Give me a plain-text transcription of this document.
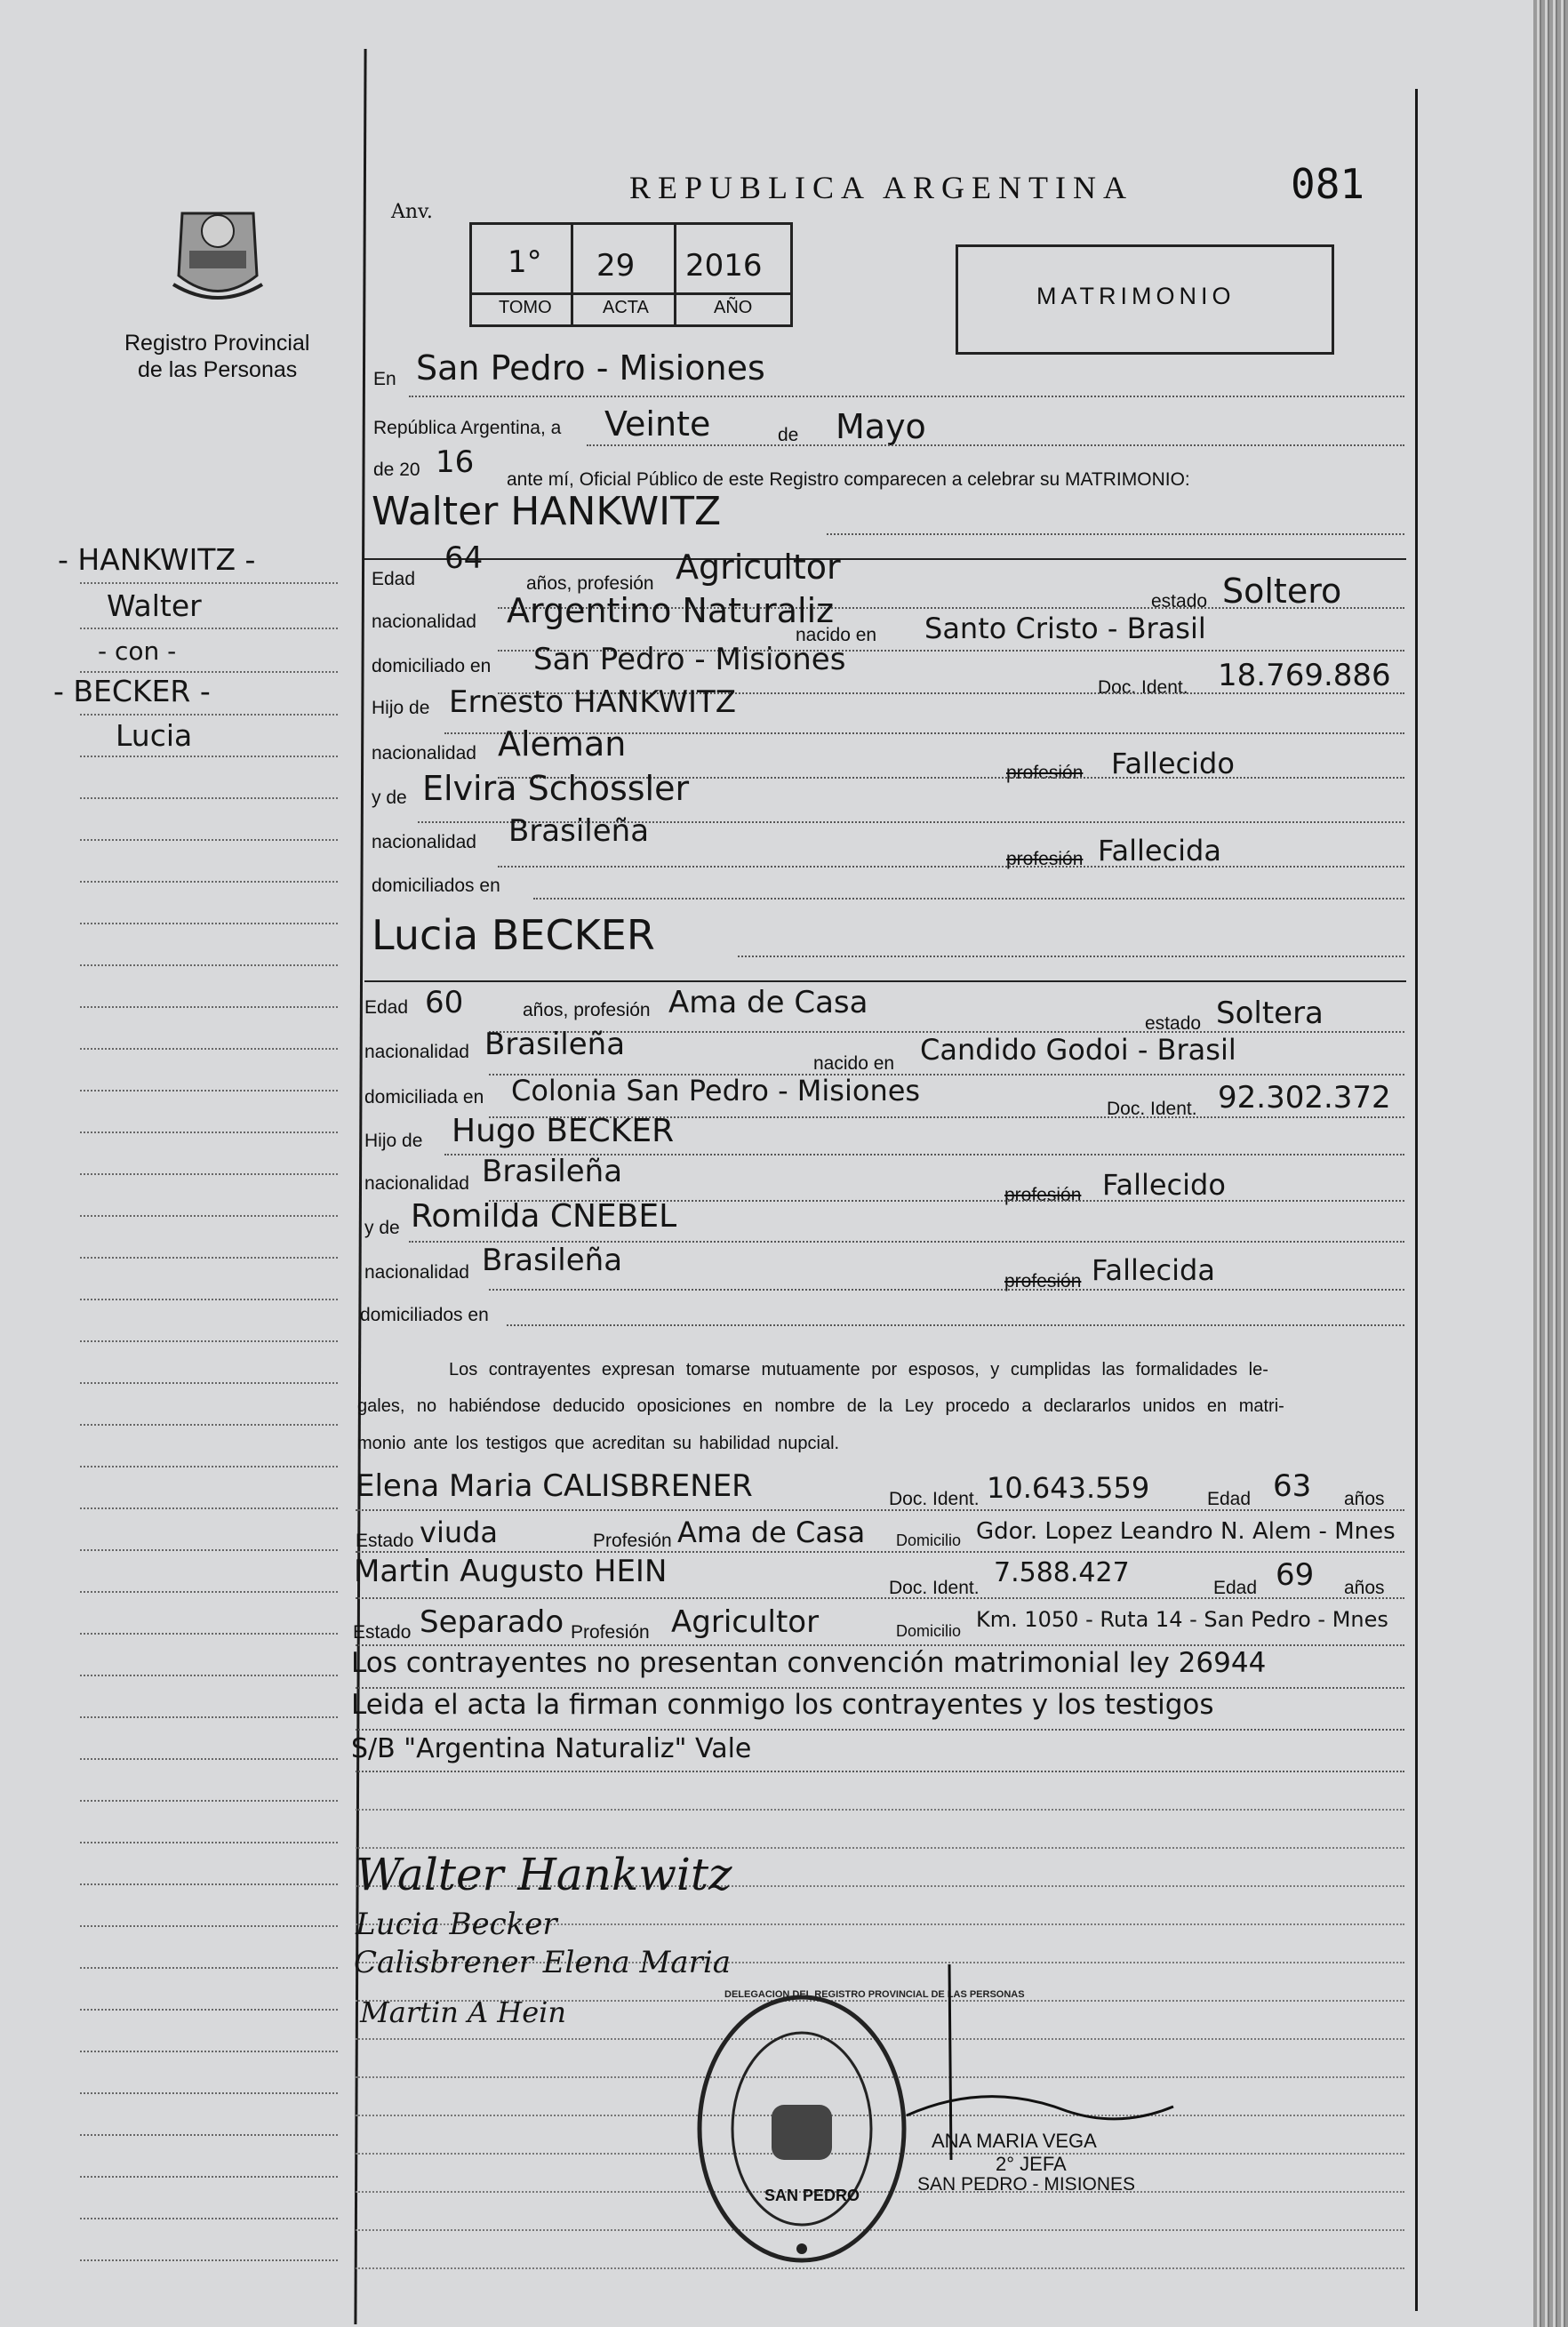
REPUBLICA ARGENTINA	081
Anv.
Registro Provincial
de las Personas
1° 29 2016
TOMO	ACTA	AÑO	MATRIMONIO
- HANKWITZ -
Walter
- con -
- BECKER -
Lucia
En San Pedro - Misiones
República Argentina, a Veinte	de Mayo
de 20 16 ante mí, Oficial Público de este Registro comparecen a celebrar su MATRIMONIO:
Walter HANKWITZ
Edad
64
años, profesión Agricultor
estado Soltero
nacionalidad Argentino Naturaliz
nacido en Santo Cristo - Brasil
domiciliado en San Pedro - Misiones
Doc. Ident. 18.769.886
Hijo de Ernesto HANKWITZ
nacionalidad Aleman
profesión Fallecido
y de Elvira Schossler
nacionalidad Brasileña
profesión Fallecida
domiciliados en
Lucia BECKER
Edad 60	años, profesión Ama de Casa
estado Soltera
nacionalidad Brasileña
nacido en Candido Godoi - Brasil
domiciliada en Colonia San Pedro - Misiones
Doc. Ident. 92.302.372
Hijo de Hugo BECKER
nacionalidad Brasileña
profesión Fallecido
y de Romilda CNEBEL
nacionalidad Brasileña
profesión Fallecida
domiciliados en
Los contrayentes expresan tomarse mutuamente por esposos, y cumplidas las formalidades le-
gales, no habiéndose deducido oposiciones en nombre de la Ley procedo a declararlos unidos en matri-
monio ante los testigos que acreditan su habilidad nupcial.
Elena Maria CALISBRENER	Doc. Ident. 10.643.559	Edad 63 años
Estado viuda	Profesión Ama de Casa Domicilio Gdor. Lopez Leandro N. Alem - Mnes
Martin Augusto HEIN	Doc. Ident. 7.588.427	Edad 69 años
Estado Separado Profesión Agricultor	Domicilio Km. 1050 - Ruta 14 - San Pedro - Mnes
Los contrayentes no presentan convención matrimonial ley 26944
Leida el acta la firman conmigo los contrayentes y los testigos
S/B "Argentina Naturaliz" Vale
Walter Hankwitz
Lucia Becker
Calisbrener Elena Maria
Martin A Hein
DELEGACION DEL REGISTRO PROVINCIAL DE LAS PERSONAS
SAN PEDRO
ANA MARIA VEGA
2° JEFA
SAN PEDRO - MISIONES
